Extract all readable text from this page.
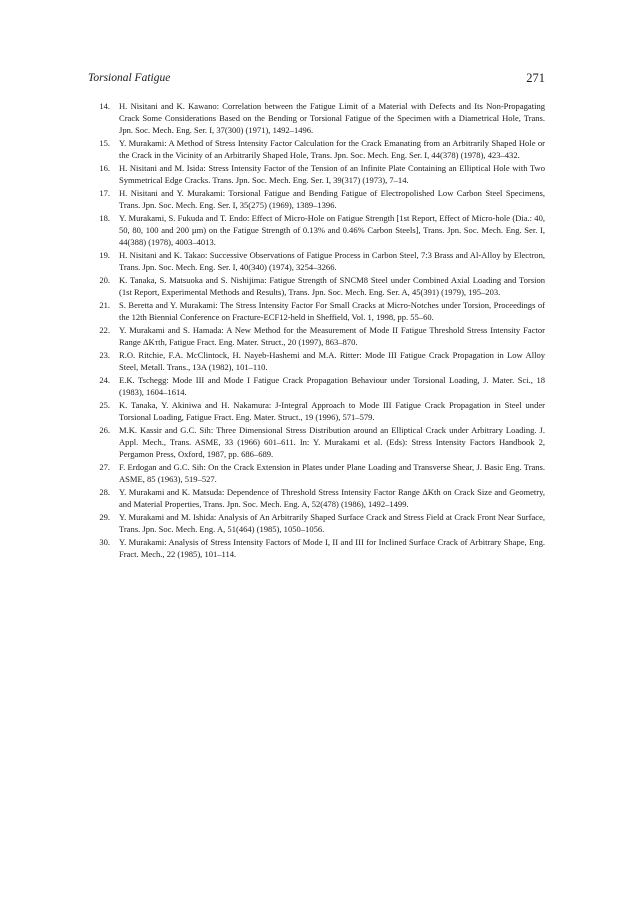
Torsional Fatigue	271
14. H. Nisitani and K. Kawano: Correlation between the Fatigue Limit of a Material with Defects and Its Non-Propagating Crack Some Considerations Based on the Bending or Torsional Fatigue of the Specimen with a Diametrical Hole, Trans. Jpn. Soc. Mech. Eng. Ser. I, 37(300) (1971), 1492–1496.
15. Y. Murakami: A Method of Stress Intensity Factor Calculation for the Crack Emanating from an Arbitrarily Shaped Hole or the Crack in the Vicinity of an Arbitrarily Shaped Hole, Trans. Jpn. Soc. Mech. Eng. Ser. I, 44(378) (1978), 423–432.
16. H. Nisitani and M. Isida: Stress Intensity Factor of the Tension of an Infinite Plate Containing an Elliptical Hole with Two Symmetrical Edge Cracks. Trans. Jpn. Soc. Mech. Eng. Ser. I, 39(317) (1973), 7–14.
17. H. Nisitani and Y. Murakami: Torsional Fatigue and Bending Fatigue of Electropolished Low Carbon Steel Specimens, Trans. Jpn. Soc. Mech. Eng. Ser. I, 35(275) (1969), 1389–1396.
18. Y. Murakami, S. Fukuda and T. Endo: Effect of Micro-Hole on Fatigue Strength [1st Report, Effect of Micro-hole (Dia.: 40, 50, 80, 100 and 200 µm) on the Fatigue Strength of 0.13% and 0.46% Carbon Steels], Trans. Jpn. Soc. Mech. Eng. Ser. I, 44(388) (1978), 4003–4013.
19. H. Nisitani and K. Takao: Successive Observations of Fatigue Process in Carbon Steel, 7:3 Brass and Al-Alloy by Electron, Trans. Jpn. Soc. Mech. Eng. Ser. I, 40(340) (1974), 3254–3266.
20. K. Tanaka, S. Matsuoka and S. Nishijima: Fatigue Strength of SNCM8 Steel under Combined Axial Loading and Torsion (1st Report, Experimental Methods and Results), Trans. Jpn. Soc. Mech. Eng. Ser. A, 45(391) (1979), 195–203.
21. S. Beretta and Y. Murakami: The Stress Intensity Factor For Small Cracks at Micro-Notches under Torsion, Proceedings of the 12th Biennial Conference on Fracture-ECF12-held in Sheffield, Vol. 1, 1998, pp. 55–60.
22. Y. Murakami and S. Hamada: A New Method for the Measurement of Mode II Fatigue Threshold Stress Intensity Factor Range ΔKτth, Fatigue Fract. Eng. Mater. Struct., 20 (1997), 863–870.
23. R.O. Ritchie, F.A. McClintock, H. Nayeb-Hashemi and M.A. Ritter: Mode III Fatigue Crack Propagation in Low Alloy Steel, Metall. Trans., 13A (1982), 101–110.
24. E.K. Tschegg: Mode III and Mode I Fatigue Crack Propagation Behaviour under Torsional Loading, J. Mater. Sci., 18 (1983), 1604–1614.
25. K. Tanaka, Y. Akiniwa and H. Nakamura: J-Integral Approach to Mode III Fatigue Crack Propagation in Steel under Torsional Loading, Fatigue Fract. Eng. Mater. Struct., 19 (1996), 571–579.
26. M.K. Kassir and G.C. Sih: Three Dimensional Stress Distribution around an Elliptical Crack under Arbitrary Loading. J. Appl. Mech., Trans. ASME, 33 (1966) 601–611. In: Y. Murakami et al. (Eds): Stress Intensity Factors Handbook 2, Pergamon Press, Oxford, 1987, pp. 686–689.
27. F. Erdogan and G.C. Sih: On the Crack Extension in Plates under Plane Loading and Transverse Shear, J. Basic Eng. Trans. ASME, 85 (1963), 519–527.
28. Y. Murakami and K. Matsuda: Dependence of Threshold Stress Intensity Factor Range ΔKth on Crack Size and Geometry, and Material Properties, Trans. Jpn. Soc. Mech. Eng. A, 52(478) (1986), 1492–1499.
29. Y. Murakami and M. Ishida: Analysis of An Arbitrarily Shaped Surface Crack and Stress Field at Crack Front Near Surface, Trans. Jpn. Soc. Mech. Eng. A, 51(464) (1985), 1050–1056.
30. Y. Murakami: Analysis of Stress Intensity Factors of Mode I, II and III for Inclined Surface Crack of Arbitrary Shape, Eng. Fract. Mech., 22 (1985), 101–114.
